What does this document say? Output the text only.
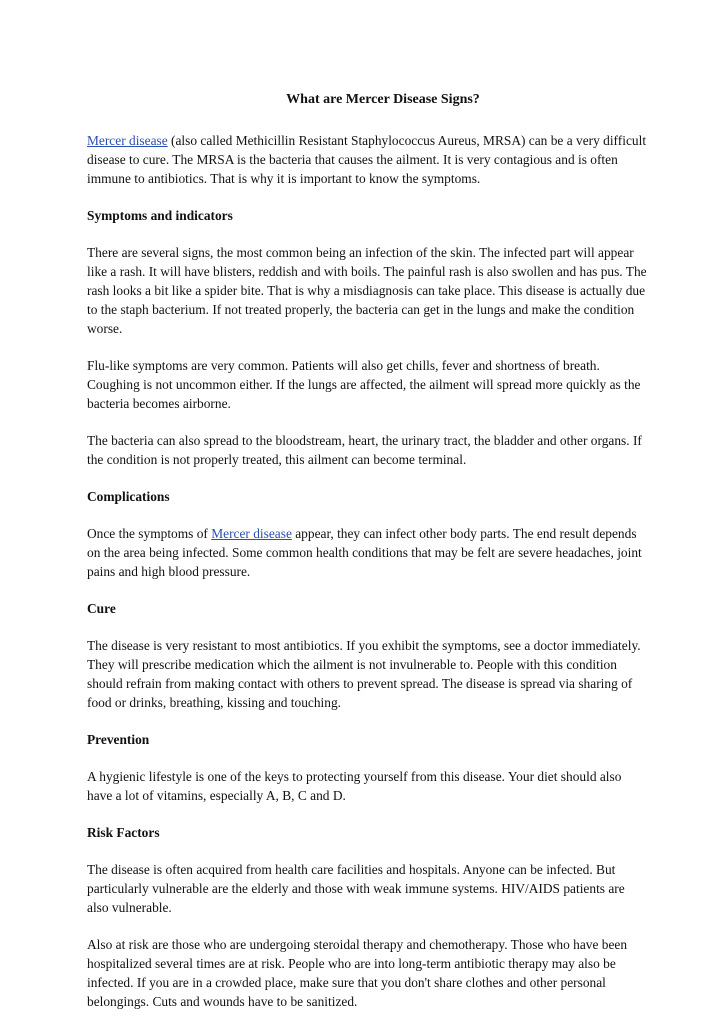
What are Mercer Disease Signs?

Mercer disease (also called Methicillin Resistant Staphylococcus Aureus, MRSA) can be a very difficult disease to cure. The MRSA is the bacteria that causes the ailment. It is very contagious and is often immune to antibiotics. That is why it is important to know the symptoms.

Symptoms and indicators

There are several signs, the most common being an infection of the skin. The infected part will appear like a rash. It will have blisters, reddish and with boils. The painful rash is also swollen and has pus. The rash looks a bit like a spider bite. That is why a misdiagnosis can take place. This disease is actually due to the staph bacterium. If not treated properly, the bacteria can get in the lungs and make the condition worse.

Flu-like symptoms are very common. Patients will also get chills, fever and shortness of breath. Coughing is not uncommon either. If the lungs are affected, the ailment will spread more quickly as the bacteria becomes airborne.

The bacteria can also spread to the bloodstream, heart, the urinary tract, the bladder and other organs. If the condition is not properly treated, this ailment can become terminal.

Complications

Once the symptoms of Mercer disease appear, they can infect other body parts. The end result depends on the area being infected. Some common health conditions that may be felt are severe headaches, joint pains and high blood pressure.

Cure

The disease is very resistant to most antibiotics. If you exhibit the symptoms, see a doctor immediately. They will prescribe medication which the ailment is not invulnerable to. People with this condition should refrain from making contact with others to prevent spread. The disease is spread via sharing of food or drinks, breathing, kissing and touching.

Prevention

A hygienic lifestyle is one of the keys to protecting yourself from this disease. Your diet should also have a lot of vitamins, especially A, B, C and D.

Risk Factors

The disease is often acquired from health care facilities and hospitals. Anyone can be infected. But particularly vulnerable are the elderly and those with weak immune systems. HIV/AIDS patients are also vulnerable.

Also at risk are those who are undergoing steroidal therapy and chemotherapy. Those who have been hospitalized several times are at risk. People who are into long-term antibiotic therapy may also be infected. If you are in a crowded place, make sure that you don't share clothes and other personal belongings. Cuts and wounds have to be sanitized.
